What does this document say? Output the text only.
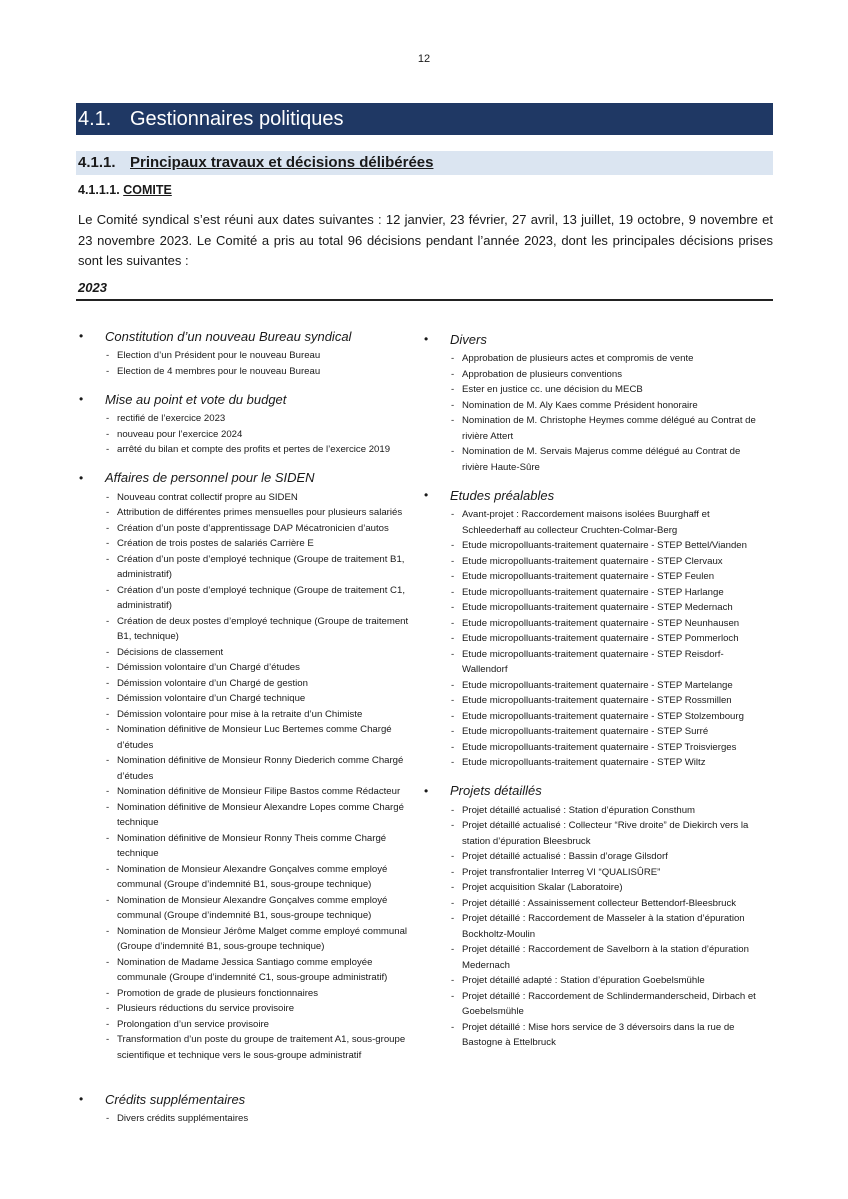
12
4.1. Gestionnaires politiques
4.1.1. Principaux travaux et décisions délibérées
4.1.1.1. COMITE
Le Comité syndical s’est réuni aux dates suivantes : 12 janvier, 23 février, 27 avril, 13 juillet, 19 octobre, 9 novembre et 23 novembre 2023. Le Comité a pris au total 96 décisions pendant l’année 2023, dont les principales décisions prises sont les suivantes :
2023
•	Constitution d’un nouveau Bureau syndical
- Election d’un Président pour le nouveau Bureau
- Election de 4 membres pour le nouveau Bureau
•	Mise au point et vote du budget
- rectifié de l’exercice 2023
- nouveau pour l’exercice 2024
- arrêté du bilan et compte des profits et pertes de l’exercice 2019
•	Affaires de personnel pour le SIDEN
- Nouveau contrat collectif propre au SIDEN
- Attribution de différentes primes mensuelles pour plusieurs salariés
- Création d’un poste d’apprentissage DAP Mécatronicien d’autos
- Création de trois postes de salariés Carrière E
- Création d’un poste d’employé technique (Groupe de traitement B1, administratif)
- Création d’un poste d’employé technique (Groupe de traitement C1, administratif)
- Création de deux postes d’employé technique (Groupe de traitement B1, technique)
- Décisions de classement
- Démission volontaire d’un Chargé d’études
- Démission volontaire d’un Chargé de gestion
- Démission volontaire d’un Chargé technique
- Démission volontaire pour mise à la retraite d’un Chimiste
- Nomination définitive de Monsieur Luc Bertemes comme Chargé d’études
- Nomination définitive de Monsieur Ronny Diederich comme Chargé d’études
- Nomination définitive de Monsieur Filipe Bastos comme Rédacteur
- Nomination définitive de Monsieur Alexandre Lopes comme Chargé technique
- Nomination définitive de Monsieur Ronny Theis comme Chargé technique
- Nomination de Monsieur Alexandre Gonçalves comme employé communal (Groupe d’indemnité B1, sous-groupe technique)
- Nomination de Monsieur Alexandre Gonçalves comme employé communal (Groupe d’indemnité B1, sous-groupe technique)
- Nomination de Monsieur Jérôme Malget comme employé communal (Groupe d’indemnité B1, sous-groupe technique)
- Nomination de Madame Jessica Santiago comme employée communale (Groupe d’indemnité C1, sous-groupe administratif)
- Promotion de grade de plusieurs fonctionnaires
- Plusieurs réductions du service provisoire
- Prolongation d’un service provisoire
- Transformation d’un poste du groupe de traitement A1, sous-groupe scientifique et technique vers le sous-groupe administratif
•	Crédits supplémentaires
- Divers crédits supplémentaires
•	Divers
- Approbation de plusieurs actes et compromis de vente
- Approbation de plusieurs conventions
- Ester en justice cc. une décision du MECB
- Nomination de M. Aly Kaes comme Président honoraire
- Nomination de M. Christophe Heymes comme délégué au Contrat de rivière Attert
- Nomination de M. Servais Majerus comme délégué au Contrat de rivière Haute-Sûre
•	Etudes préalables
- Avant-projet : Raccordement maisons isolées Buurghaff et Schleederhaff au collecteur Cruchten-Colmar-Berg
- Etude micropolluants-traitement quaternaire - STEP Bettel/Vianden
- Etude micropolluants-traitement quaternaire - STEP Clervaux
- Etude micropolluants-traitement quaternaire - STEP Feulen
- Etude micropolluants-traitement quaternaire - STEP Harlange
- Etude micropolluants-traitement quaternaire - STEP Medernach
- Etude micropolluants-traitement quaternaire - STEP Neunhausen
- Etude micropolluants-traitement quaternaire - STEP Pommerloch
- Etude micropolluants-traitement quaternaire - STEP Reisdorf-Wallendorf
- Etude micropolluants-traitement quaternaire - STEP Martelange
- Etude micropolluants-traitement quaternaire - STEP Rossmillen
- Etude micropolluants-traitement quaternaire - STEP Stolzembourg
- Etude micropolluants-traitement quaternaire - STEP Surré
- Etude micropolluants-traitement quaternaire - STEP Troisvierges
- Etude micropolluants-traitement quaternaire - STEP Wiltz
•	Projets détaillés
- Projet détaillé actualisé : Station d’épuration Consthum
- Projet détaillé actualisé : Collecteur “Rive droite” de Diekirch vers la station d’épuration Bleesbruck
- Projet détaillé actualisé : Bassin d’orage Gilsdorf
- Projet transfrontalier Interreg VI “QUALISÛRE”
- Projet acquisition Skalar (Laboratoire)
- Projet détaillé : Assainissement collecteur Bettendorf-Bleesbruck
- Projet détaillé : Raccordement de Masseler à la station d’épuration Bockholtz-Moulin
- Projet détaillé : Raccordement de Savelborn à la station d’épuration Medernach
- Projet détaillé adapté : Station d’épuration Goebelsmühle
- Projet détaillé : Raccordement de Schlindermanderscheid, Dirbach et Goebelsmühle
- Projet détaillé : Mise hors service de 3 déversoirs dans la rue de Bastogne à Ettelbruck
